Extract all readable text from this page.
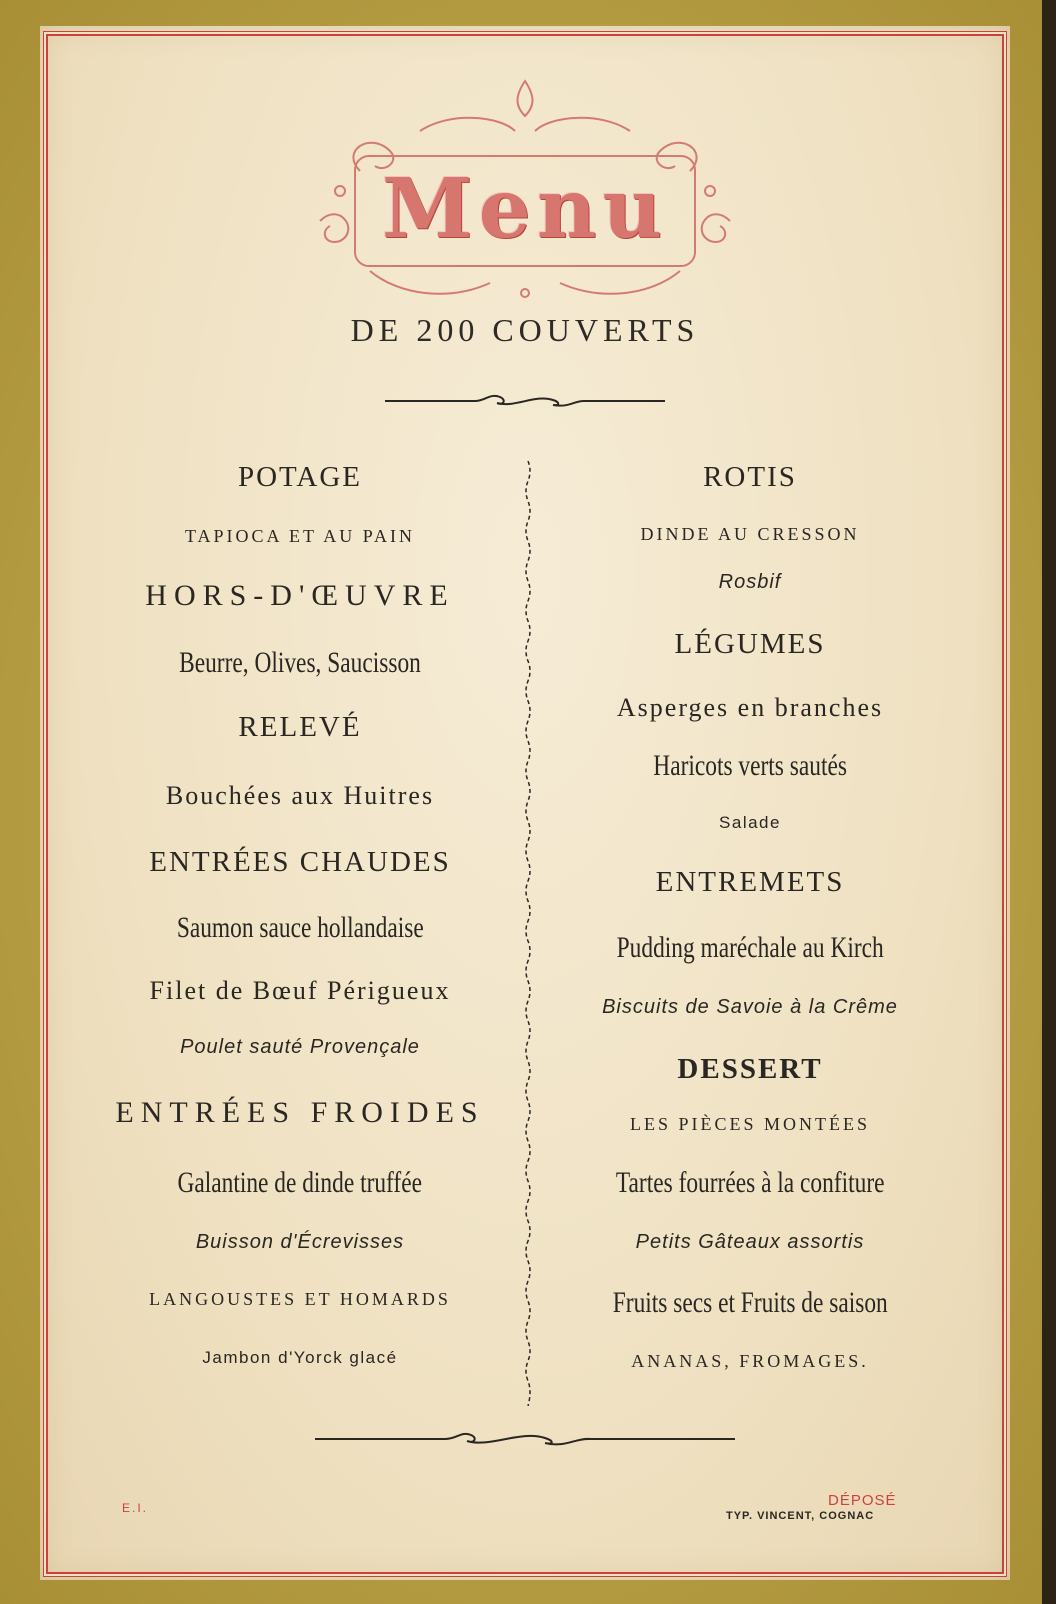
Menu
DE 200 COUVERTS
POTAGE
TAPIOCA ET AU PAIN
HORS-D'ŒUVRE
Beurre, Olives, Saucisson
RELEVÉ
Bouchées aux Huitres
ENTRÉES CHAUDES
Saumon sauce hollandaise
Filet de Bœuf Périgueux
Poulet sauté Provençale
ENTRÉES FROIDES
Galantine de dinde truffée
Buisson d'Écrevisses
LANGOUSTES ET HOMARDS
Jambon d'Yorck glacé
ROTIS
DINDE AU CRESSON
Rosbif
LÉGUMES
Asperges en branches
Haricots verts sautés
Salade
ENTREMETS
Pudding maréchale au Kirch
Biscuits de Savoie à la Crême
DESSERT
LES PIÈCES MONTÉES
Tartes fourrées à la confiture
Petits Gâteaux assortis
Fruits secs et Fruits de saison
ANANAS, FROMAGES.
E.I.	DÉPOSÉ
TYP. VINCENT, COGNAC
